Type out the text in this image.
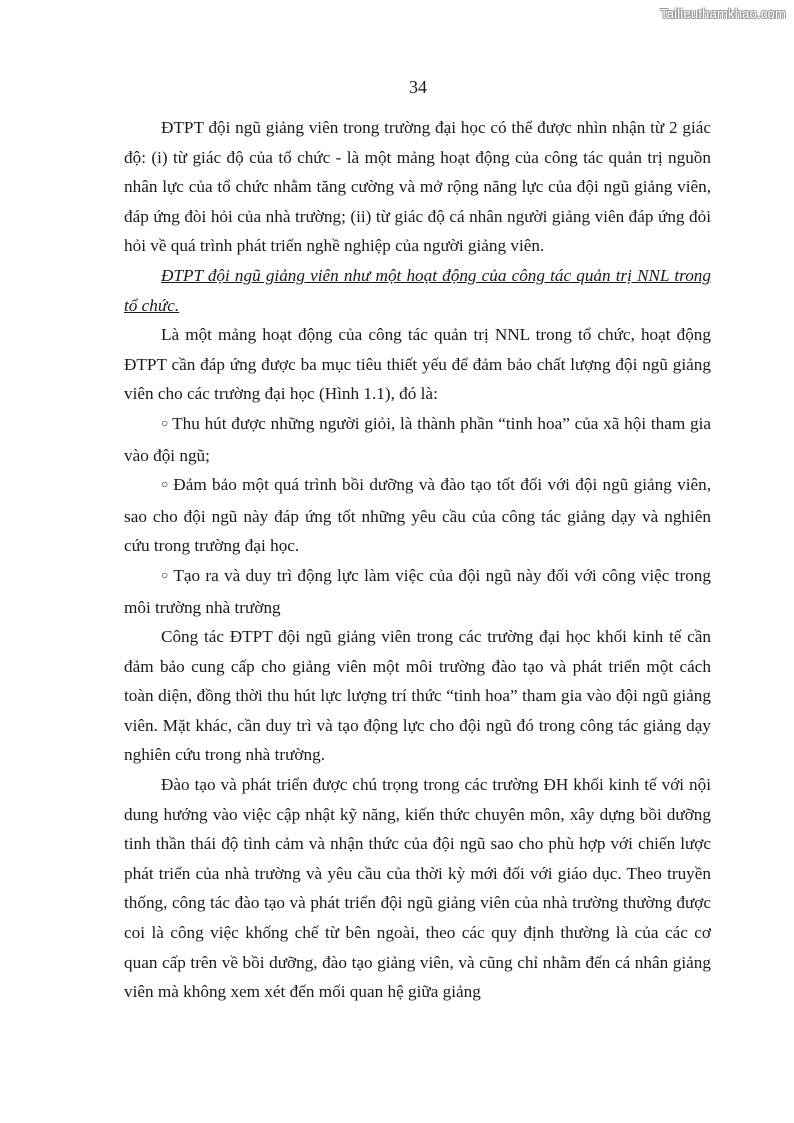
Tailieuthamkhao.com
34

ĐTPT đội ngũ giảng viên trong trường đại học có thể được nhìn nhận từ 2 giác độ: (i) từ giác độ của tổ chức - là một mảng hoạt động của công tác quản trị nguồn nhân lực của tổ chức nhằm tăng cường và mở rộng năng lực của đội ngũ giảng viên, đáp ứng đòi hỏi của nhà trường; (ii) từ giác độ cá nhân người giảng viên đáp ứng đỏi hỏi về quá trình phát triển nghề nghiệp của người giảng viên.

ĐTPT đội ngũ giảng viên như một hoạt động của công tác quản trị NNL trong tổ chức.

Là một mảng hoạt động của công tác quản trị NNL trong tổ chức, hoạt động ĐTPT cần đáp ứng được ba mục tiêu thiết yếu để đảm bảo chất lượng đội ngũ giảng viên cho các trường đại học (Hình 1.1), đó là:

○ Thu hút được những người giỏi, là thành phần “tinh hoa” của xã hội tham gia vào đội ngũ;

○ Đảm bảo một quá trình bồi dưỡng và đào tạo tốt đối với đội ngũ giảng viên, sao cho đội ngũ này đáp ứng tốt những yêu cầu của công tác giảng dạy và nghiên cứu trong trường đại học.

○ Tạo ra và duy trì động lực làm việc của đội ngũ này đối với công việc trong môi trường nhà trường

Công tác ĐTPT đội ngũ giảng viên trong các trường đại học khối kinh tế cần đảm bảo cung cấp cho giảng viên một môi trường đào tạo và phát triển một cách toàn diện, đồng thời thu hút lực lượng trí thức “tinh hoa” tham gia vào đội ngũ giảng viên. Mặt khác, cần duy trì và tạo động lực cho đội ngũ đó trong công tác giảng dạy nghiên cứu trong nhà trường.

Đào tạo và phát triển được chú trọng trong các trường ĐH khối kinh tế với nội dung hướng vào việc cập nhật kỹ năng, kiến thức chuyên môn, xây dựng bồi dưỡng tinh thần thái độ tình cảm và nhận thức của đội ngũ sao cho phù hợp với chiến lược phát triển của nhà trường và yêu cầu của thời kỳ mới đối với giáo dục. Theo truyền thống, công tác đào tạo và phát triển đội ngũ giảng viên của nhà trường thường được coi là công việc khống chế từ bên ngoài, theo các quy định thường là của các cơ quan cấp trên về bồi dưỡng, đào tạo giảng viên, và cũng chỉ nhằm đến cá nhân giảng viên mà không xem xét đến mối quan hệ giữa giảng
